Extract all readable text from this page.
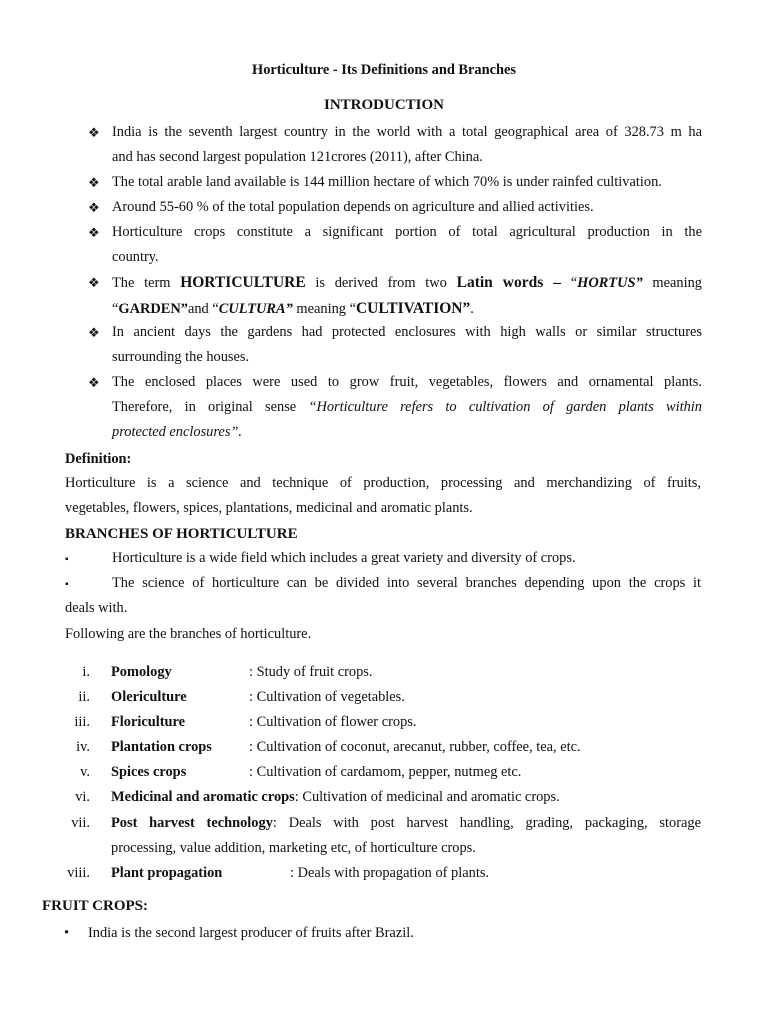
Horticulture - Its Definitions and Branches
INTRODUCTION
❖ India is the seventh largest country in the world with a total geographical area of 328.73 m ha
and has second largest population 121crores (2011), after China.
❖ The total arable land available is 144 million hectare of which 70% is under rainfed cultivation.
❖ Around 55-60 % of the total population depends on agriculture and allied activities.
❖ Horticulture crops constitute a significant portion of total agricultural production in the
country.
❖ The term HORTICULTURE is derived from two Latin words – “HORTUS” meaning
“GARDEN”and “CULTURA” meaning “CULTIVATION”.
❖ In ancient days the gardens had protected enclosures with high walls or similar structures
surrounding the houses.
❖ The enclosed places were used to grow fruit, vegetables, flowers and ornamental plants.
Therefore, in original sense “Horticulture refers to cultivation of garden plants within
protected enclosures”.
Definition:
Horticulture is a science and technique of production, processing and merchandizing of fruits,
vegetables, flowers, spices, plantations, medicinal and aromatic plants.
BRANCHES OF HORTICULTURE
▪	Horticulture is a wide field which includes a great variety and diversity of crops.
▪	The science of horticulture can be divided into several branches depending upon the crops it
deals with.
Following are the branches of horticulture.
i. Pomology	: Study of fruit crops.
ii. Olericulture	: Cultivation of vegetables.
iii. Floriculture	: Cultivation of flower crops.
iv. Plantation crops	: Cultivation of coconut, arecanut, rubber, coffee, tea, etc.
v. Spices crops	: Cultivation of cardamom, pepper, nutmeg etc.
vi. Medicinal and aromatic crops: Cultivation of medicinal and aromatic crops.
vii. Post harvest technology: Deals with post harvest handling, grading, packaging, storage
processing, value addition, marketing etc, of horticulture crops.
viii. Plant propagation	: Deals with propagation of plants.
FRUIT CROPS:
• India is the second largest producer of fruits after Brazil.
